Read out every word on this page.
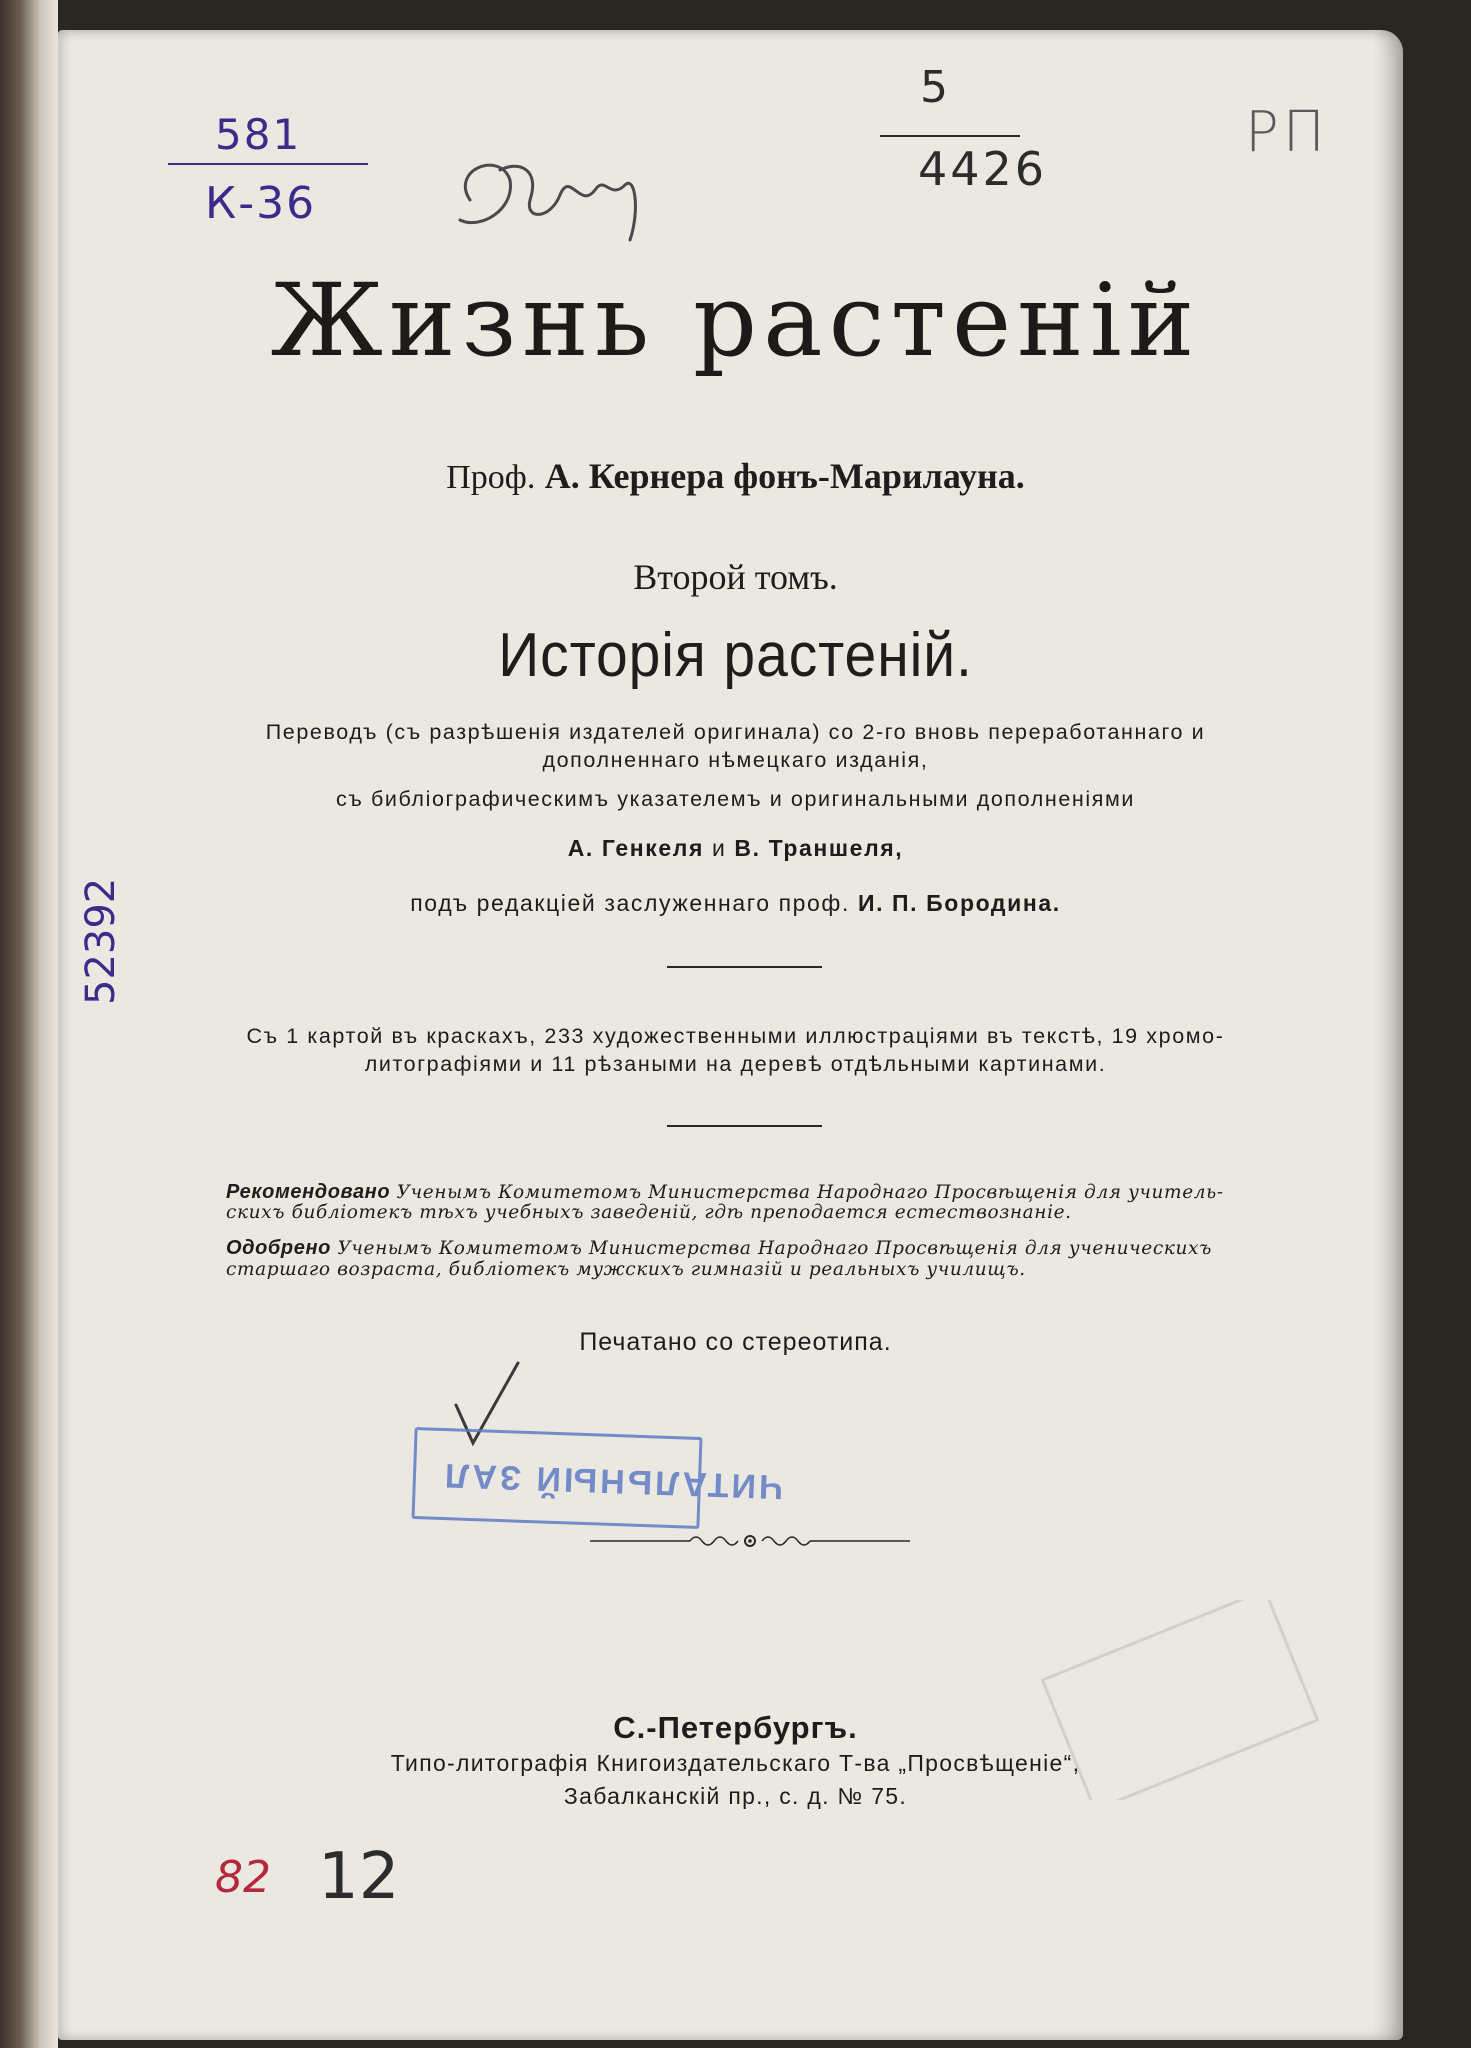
581
К-36
5
4426
РП
52392
Жизнь растеній
Проф. А. Кернера фонъ-Марилауна.
Второй томъ.
Исторія растеній.
Переводъ (съ разрѣшенія издателей оригинала) со 2-го вновь переработаннаго и
дополненнаго нѣмецкаго изданія,
съ библіографическимъ указателемъ и оригинальными дополненіями
А. Генкеля и В. Траншеля,
подъ редакціей заслуженнаго проф. И. П. Бородина.
Съ 1 картой въ краскахъ, 233 художественными иллюстраціями въ текстѣ, 19 хромо-
литографіями и 11 рѣзаными на деревѣ отдѣльными картинами.
Рекомендовано Ученымъ Комитетомъ Министерства Народнаго Просвѣщенія для учитель-
скихъ библіотекъ тѣхъ учебныхъ заведеній, гдѣ преподается естествознаніе.
Одобрено Ученымъ Комитетомъ Министерства Народнаго Просвѣщенія для ученическихъ
старшаго возраста, библіотекъ мужскихъ гимназій и реальныхъ училищъ.
Печатано со стереотипа.
ЧИТАЛЬНЫЙ ЗАЛ
С.-Петербургъ.
Типо-литографія Книгоиздательскаго Т-ва „Просвѣщеніе“,
Забалканскій пр., с. д. № 75.
82 12
